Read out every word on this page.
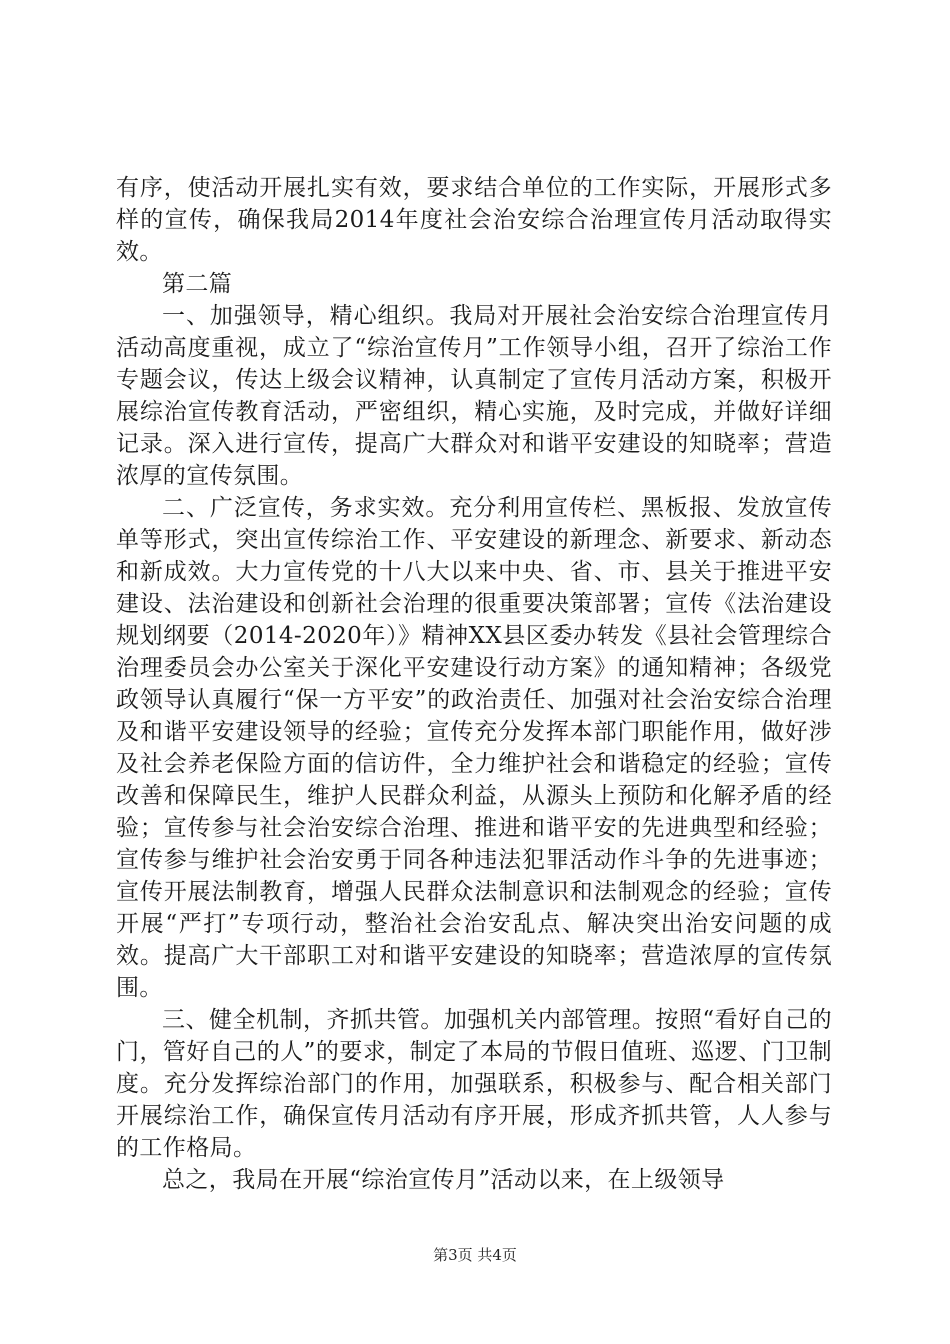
有序，使活动开展扎实有效，要求结合单位的工作实际，开展形式多样的宣传，确保我局2014年度社会治安综合治理宣传月活动取得实效。

第二篇

一、加强领导，精心组织。我局对开展社会治安综合治理宣传月活动高度重视，成立了“综治宣传月”工作领导小组，召开了综治工作专题会议，传达上级会议精神，认真制定了宣传月活动方案，积极开展综治宣传教育活动，严密组织，精心实施，及时完成，并做好详细记录。深入进行宣传，提高广大群众对和谐平安建设的知晓率；营造浓厚的宣传氛围。

二、广泛宣传，务求实效。充分利用宣传栏、黑板报、发放宣传单等形式，突出宣传综治工作、平安建设的新理念、新要求、新动态和新成效。大力宣传党的十八大以来中央、省、市、县关于推进平安建设、法治建设和创新社会治理的很重要决策部署；宣传《法治建设规划纲要（2014-2020年）》精神XX县区委办转发《县社会管理综合治理委员会办公室关于深化平安建设行动方案》的通知精神；各级党政领导认真履行“保一方平安”的政治责任、加强对社会治安综合治理及和谐平安建设领导的经验；宣传充分发挥本部门职能作用，做好涉及社会养老保险方面的信访件，全力维护社会和谐稳定的经验；宣传改善和保障民生，维护人民群众利益，从源头上预防和化解矛盾的经验；宣传参与社会治安综合治理、推进和谐平安的先进典型和经验；宣传参与维护社会治安勇于同各种违法犯罪活动作斗争的先进事迹；宣传开展法制教育，增强人民群众法制意识和法制观念的经验；宣传开展“严打”专项行动，整治社会治安乱点、解决突出治安问题的成效。提高广大干部职工对和谐平安建设的知晓率；营造浓厚的宣传氛围。

三、健全机制，齐抓共管。加强机关内部管理。按照“看好自己的门，管好自己的人”的要求，制定了本局的节假日值班、巡逻、门卫制度。充分发挥综治部门的作用，加强联系，积极参与、配合相关部门开展综治工作，确保宣传月活动有序开展，形成齐抓共管，人人参与的工作格局。

总之，我局在开展“综治宣传月”活动以来，在上级领导

第3页 共4页
